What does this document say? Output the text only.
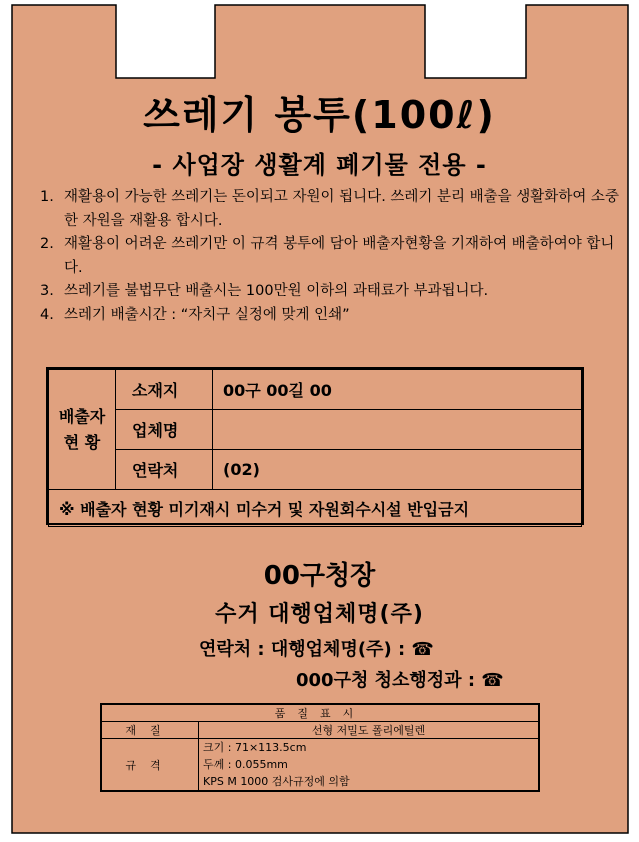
쓰레기 봉투(100ℓ)
- 사업장 생활계 폐기물 전용 -
1. 재활용이 가능한 쓰레기는 돈이되고 자원이 됩니다. 쓰레기 분리 배출을 생활화하여 소중한 자원을 재활용 합시다.
2. 재활용이 어려운 쓰레기만 이 규격 봉투에 담아 배출자현황을 기재하여 배출하여야 합니다.
3. 쓰레기를 불법무단 배출시는 100만원 이하의 과태료가 부과됩니다.
4. 쓰레기 배출시간 : “자치구 실정에 맞게 인쇄”
배출자
현 황	소재지	00구 00길 00
	업체명	
	연락처	(02)
※ 배출자 현황 미기재시 미수거 및 자원회수시설 반입금지		
00구청장
수거 대행업체명(주)
연락처 : 대행업체명(주) : ☎
000구청 청소행정과 : ☎
품질표시	
재질	선형 저밀도 폴리에틸렌
규격	크기 : 71×113.5cm
두께 : 0.055mm
KPS M 1000 검사규정에 의함
